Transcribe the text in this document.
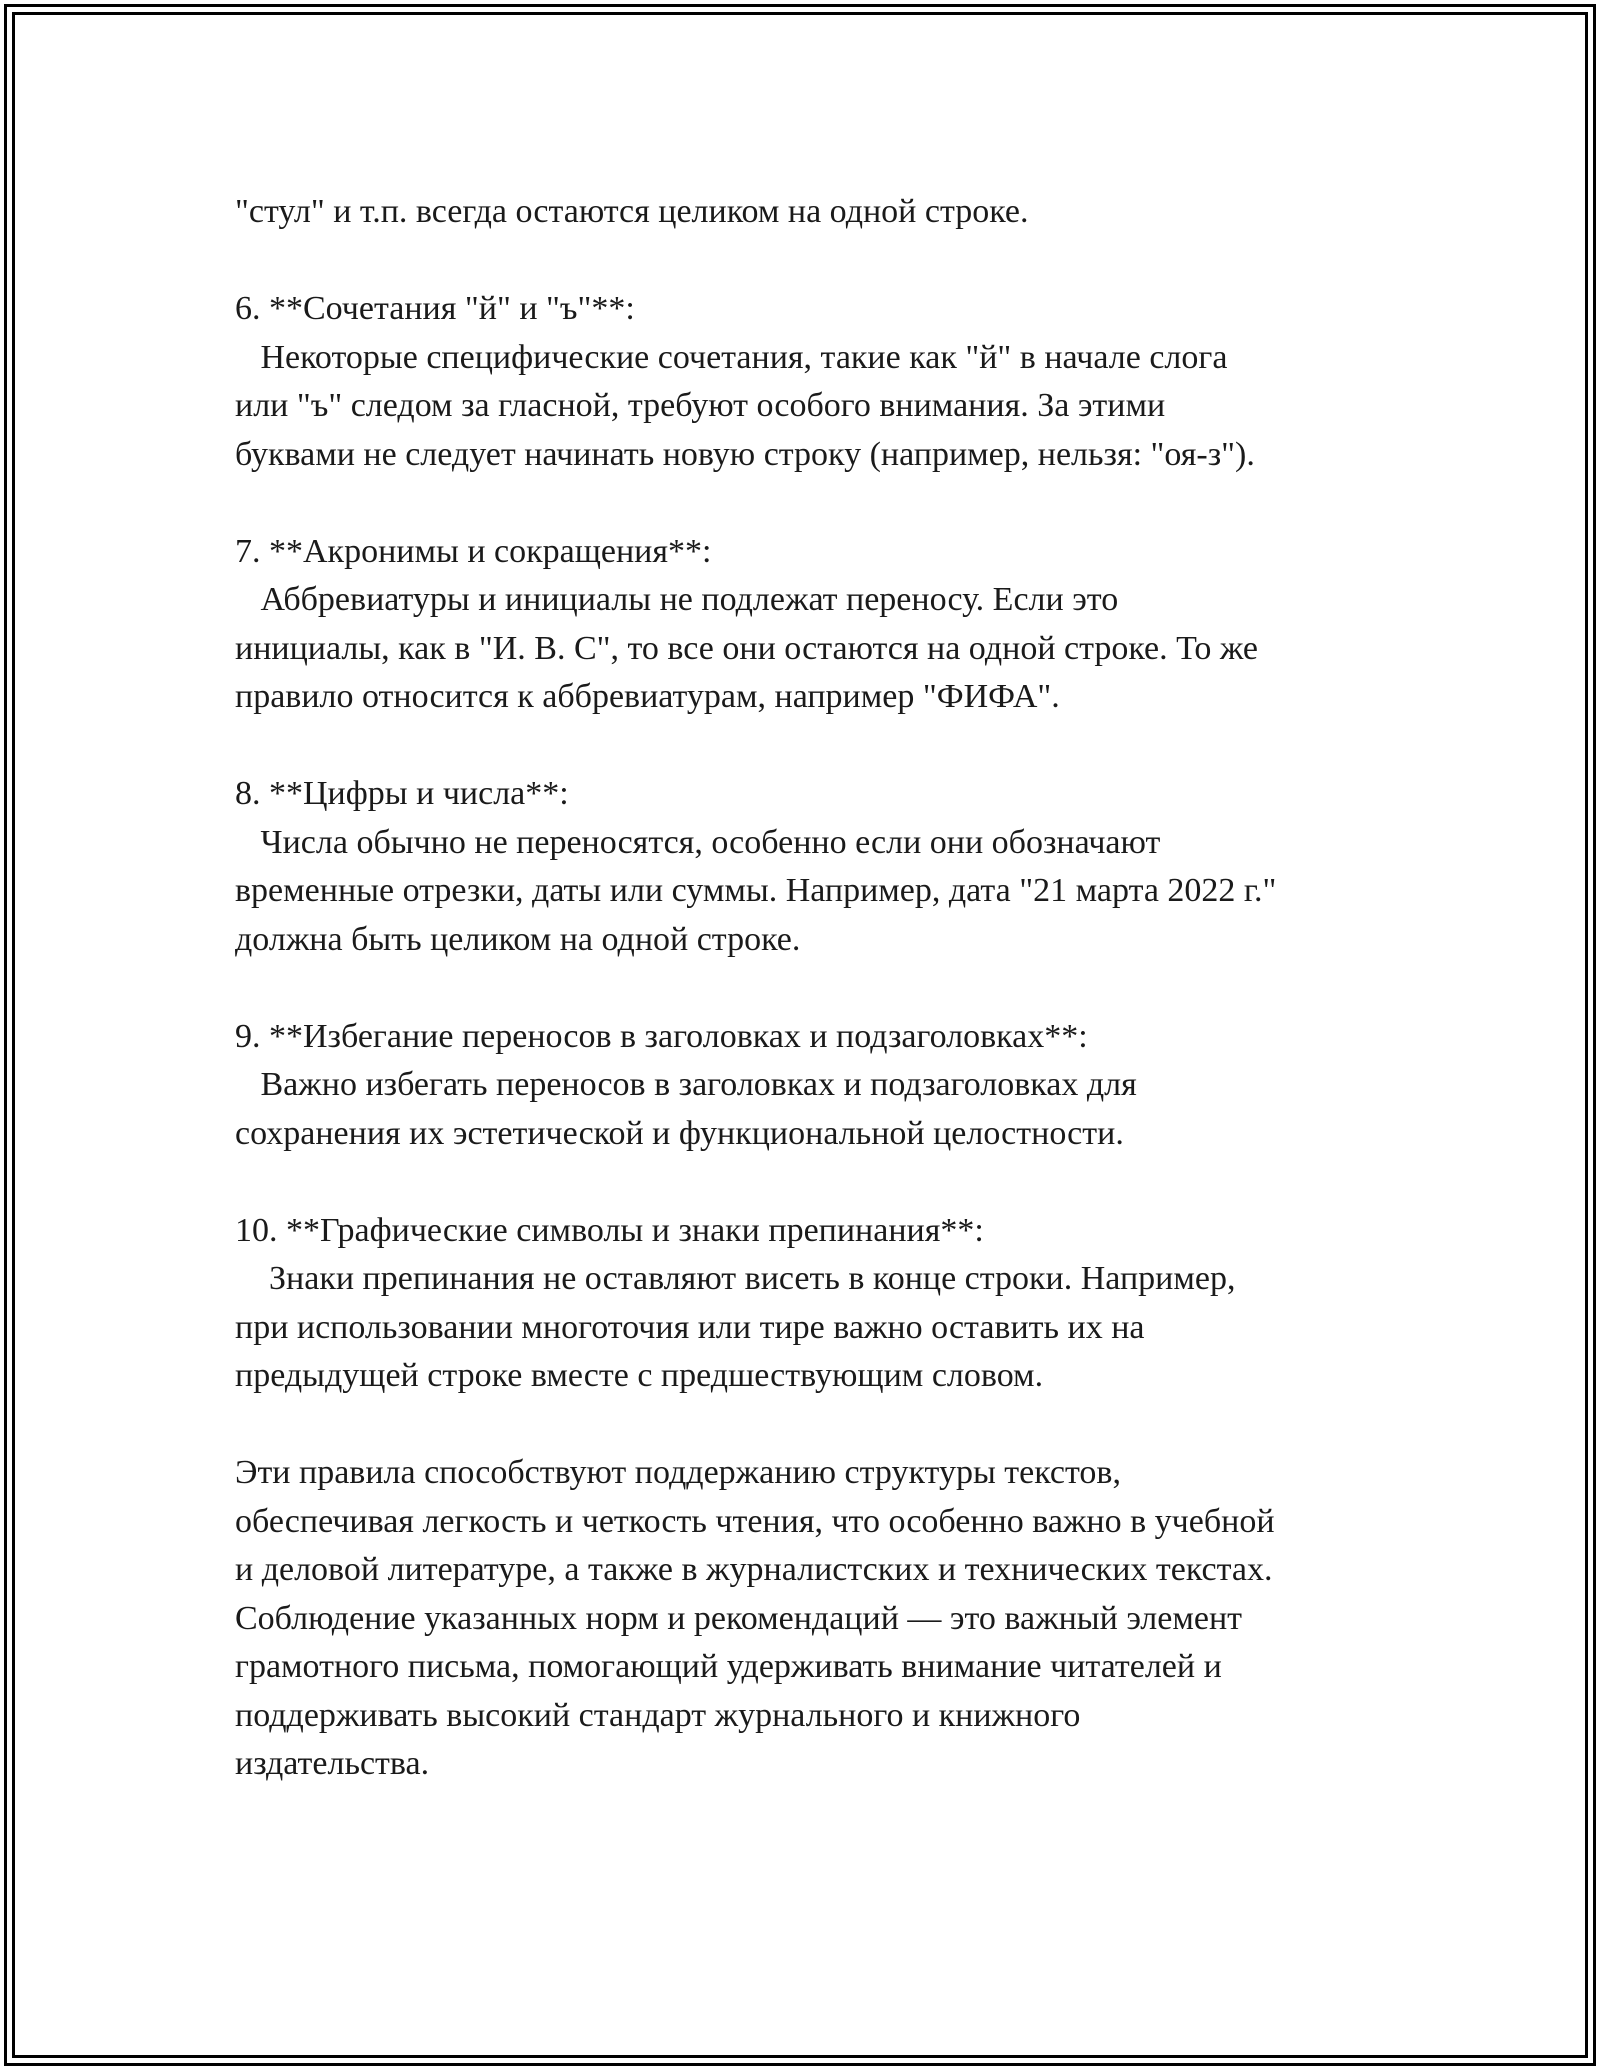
"стул" и т.п. всегда остаются целиком на одной строке.
6. **Сочетания "й" и "ъ"**:
Некоторые специфические сочетания, такие как "й" в начале слога
или "ъ" следом за гласной, требуют особого внимания. За этими
буквами не следует начинать новую строку (например, нельзя: "оя-з").
7. **Акронимы и сокращения**:
Аббревиатуры и инициалы не подлежат переносу. Если это
инициалы, как в "И. В. С", то все они остаются на одной строке. То же
правило относится к аббревиатурам, например "ФИФА".
8. **Цифры и числа**:
Числа обычно не переносятся, особенно если они обозначают
временные отрезки, даты или суммы. Например, дата "21 марта 2022 г."
должна быть целиком на одной строке.
9. **Избегание переносов в заголовках и подзаголовках**:
Важно избегать переносов в заголовках и подзаголовках для
сохранения их эстетической и функциональной целостности.
10. **Графические символы и знаки препинания**:
Знаки препинания не оставляют висеть в конце строки. Например,
при использовании многоточия или тире важно оставить их на
предыдущей строке вместе с предшествующим словом.
Эти правила способствуют поддержанию структуры текстов,
обеспечивая легкость и четкость чтения, что особенно важно в учебной
и деловой литературе, а также в журналистских и технических текстах.
Соблюдение указанных норм и рекомендаций — это важный элемент
грамотного письма, помогающий удерживать внимание читателей и
поддерживать высокий стандарт журнального и книжного
издательства.
